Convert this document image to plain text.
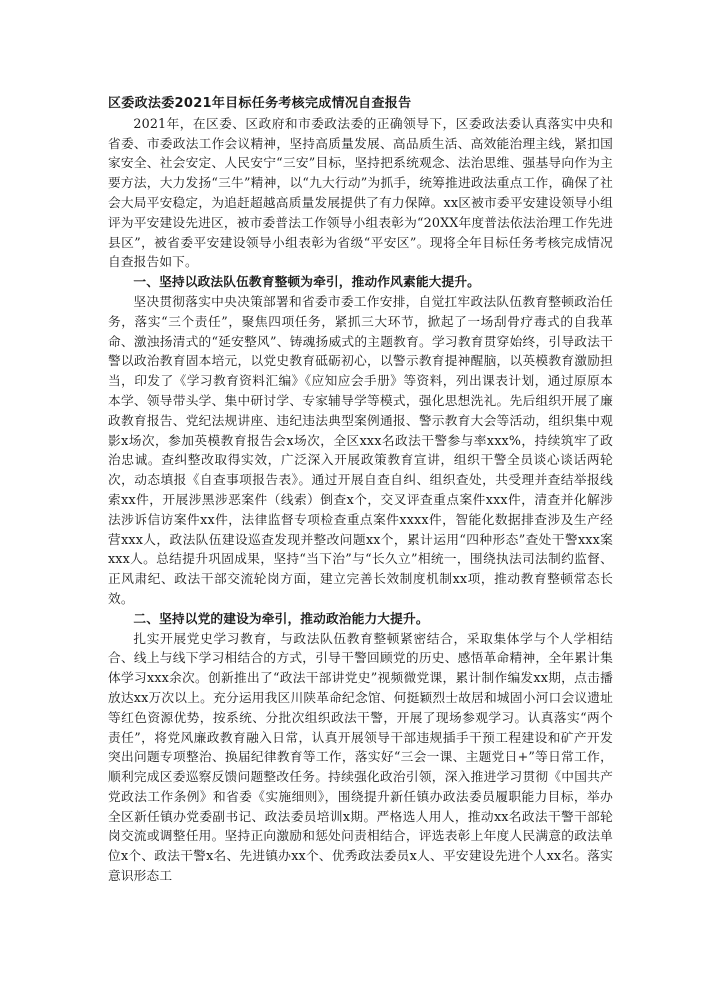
区委政法委2021年目标任务考核完成情况自查报告

2021年，在区委、区政府和市委政法委的正确领导下，区委政法委认真落实中央和省委、市委政法工作会议精神，坚持高质量发展、高品质生活、高效能治理主线，紧扣国家安全、社会安定、人民安宁“三安”目标，坚持把系统观念、法治思维、强基导向作为主要方法，大力发扬“三牛”精神，以“九大行动”为抓手，统筹推进政法重点工作，确保了社会大局平安稳定，为追赶超越高质量发展提供了有力保障。xx区被市委平安建设领导小组评为平安建设先进区，被市委普法工作领导小组表彰为“20XX年度普法依法治理工作先进县区”，被省委平安建设领导小组表彰为省级“平安区”。现将全年目标任务考核完成情况自查报告如下。

一、坚持以政法队伍教育整顿为牵引，推动作风素能大提升。

坚决贯彻落实中央决策部署和省委市委工作安排，自觉扛牢政法队伍教育整顿政治任务，落实“三个责任”，聚焦四项任务，紧抓三大环节，掀起了一场刮骨疗毒式的自我革命、激浊扬清式的“延安整风”、铸魂扬威式的主题教育。学习教育贯穿始终，引导政法干警以政治教育固本培元，以党史教育砥砺初心，以警示教育提神醒脑，以英模教育激励担当，印发了《学习教育资料汇编》《应知应会手册》等资料，列出课表计划，通过原原本本学、领导带头学、集中研讨学、专家辅导学等模式，强化思想洗礼。先后组织开展了廉政教育报告、党纪法规讲座、违纪违法典型案例通报、警示教育大会等活动，组织集中观影x场次，参加英模教育报告会x场次，全区xxx名政法干警参与率xxx%，持续筑牢了政治忠诚。查纠整改取得实效，广泛深入开展政策教育宣讲，组织干警全员谈心谈话两轮次，动态填报《自查事项报告表》。通过开展自查自纠、组织查处，共受理并查结举报线索xx件，开展涉黑涉恶案件（线索）倒查x个，交叉评查重点案件xxx件，清查并化解涉法涉诉信访案件xx件，法律监督专项检查重点案件xxxx件，智能化数据排查涉及生产经营xxx人，政法队伍建设巡查发现并整改问题xx个，累计运用“四种形态”查处干警xxx案xxx人。总结提升巩固成果，坚持“当下治”与“长久立”相统一，围绕执法司法制约监督、正风肃纪、政法干部交流轮岗方面，建立完善长效制度机制xx项，推动教育整顿常态长效。

二、坚持以党的建设为牵引，推动政治能力大提升。

扎实开展党史学习教育，与政法队伍教育整顿紧密结合，采取集体学与个人学相结合、线上与线下学习相结合的方式，引导干警回顾党的历史、感悟革命精神，全年累计集体学习xxx余次。创新推出了“政法干部讲党史”视频微党课，累计制作编发xx期，点击播放达xx万次以上。充分运用我区川陕革命纪念馆、何挺颖烈士故居和城固小河口会议遗址等红色资源优势，按系统、分批次组织政法干警，开展了现场参观学习。认真落实“两个责任”，将党风廉政教育融入日常，认真开展领导干部违规插手干预工程建设和矿产开发突出问题专项整治、换届纪律教育等工作，落实好“三会一课、主题党日+”等日常工作，顺利完成区委巡察反馈问题整改任务。持续强化政治引领，深入推进学习贯彻《中国共产党政法工作条例》和省委《实施细则》，围绕提升新任镇办政法委员履职能力目标，举办全区新任镇办党委副书记、政法委员培训x期。严格选人用人，推动xx名政法干警干部轮岗交流或调整任用。坚持正向激励和惩处问责相结合，评选表彰上年度人民满意的政法单位x个、政法干警x名、先进镇办xx个、优秀政法委员x人、平安建设先进个人xx名。落实意识形态工
